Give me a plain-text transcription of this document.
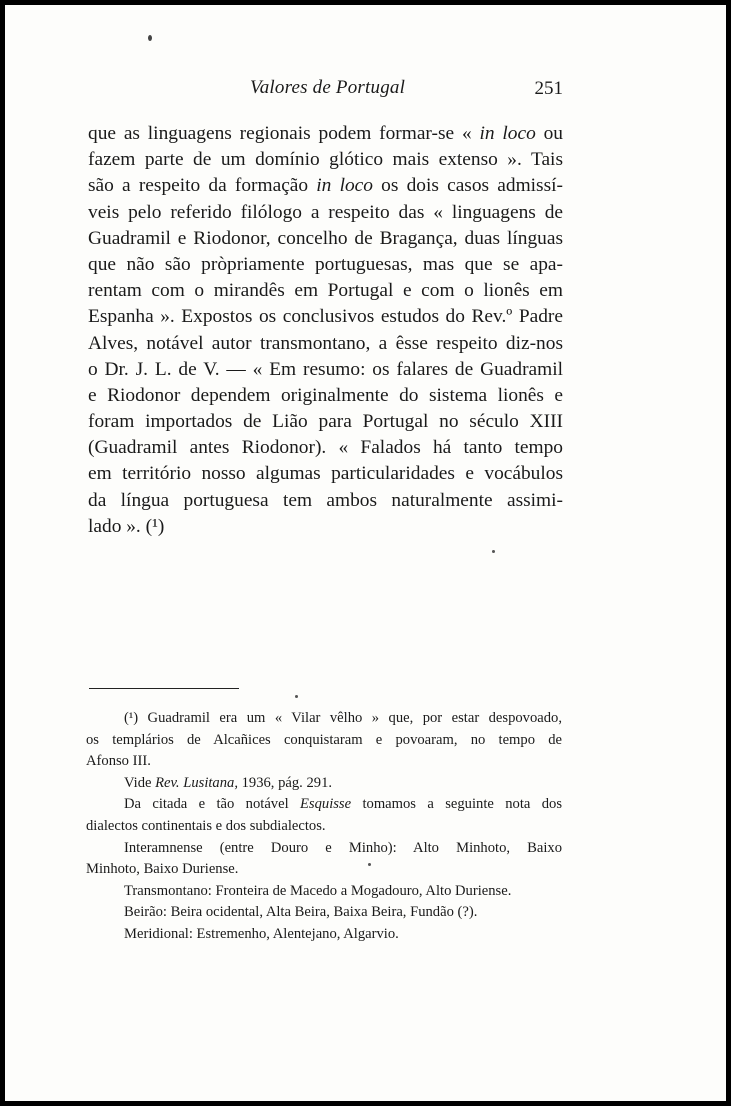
Valores de Portugal	251
que as linguagens regionais podem formar-se « in loco ou
fazem parte de um domínio glótico mais extenso ». Tais
são a respeito da formação in loco os dois casos admissí-
veis pelo referido filólogo a respeito das « linguagens de
Guadramil e Riodonor, concelho de Bragança, duas línguas
que não são pròpriamente portuguesas, mas que se apa-
rentam com o mirandês em Portugal e com o lionês em
Espanha ». Expostos os conclusivos estudos do Rev.º Padre
Alves, notável autor transmontano, a êsse respeito diz-nos
o Dr. J. L. de V. — « Em resumo: os falares de Guadramil
e Riodonor dependem originalmente do sistema lionês e
foram importados de Lião para Portugal no século XIII
(Guadramil antes Riodonor). « Falados há tanto tempo
em território nosso algumas particularidades e vocábulos
da língua portuguesa tem ambos naturalmente assimi-
lado ». (¹)
(¹) Guadramil era um « Vilar vêlho » que, por estar despovoado,
os templários de Alcañices conquistaram e povoaram, no tempo de
Afonso III.
Vide Rev. Lusitana, 1936, pág. 291.
Da citada e tão notável Esquisse tomamos a seguinte nota dos
dialectos continentais e dos subdialectos.
Interamnense (entre Douro e Minho): Alto Minhoto, Baixo
Minhoto, Baixo Duriense.
Transmontano: Fronteira de Macedo a Mogadouro, Alto Duriense.
Beirão: Beira ocidental, Alta Beira, Baixa Beira, Fundão (?).
Meridional: Estremenho, Alentejano, Algarvio.
